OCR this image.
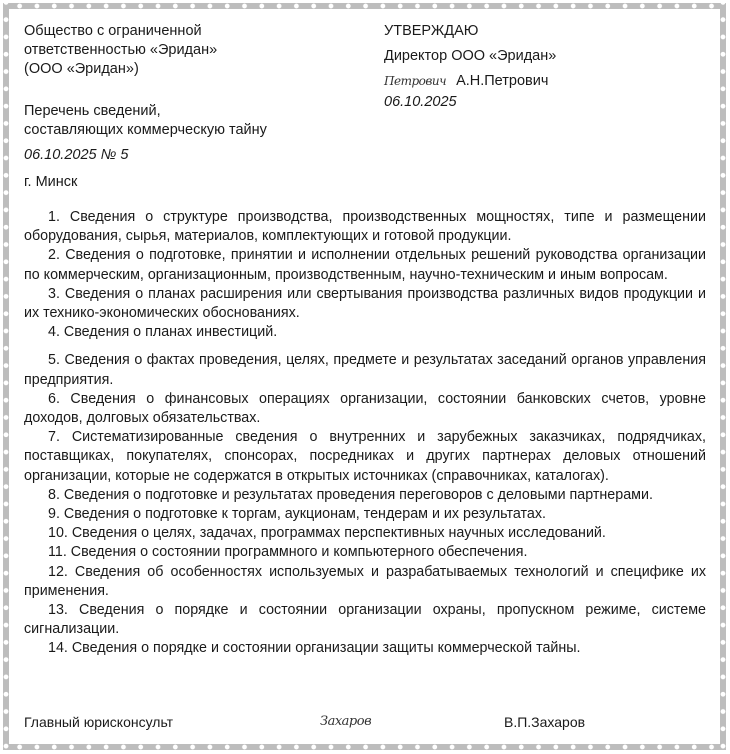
Общество с ограниченной
ответственностью «Эридан»
(ООО «Эридан»)
Перечень сведений,
составляющих коммерческую тайну
06.10.2025 № 5
г. Минск
УТВЕРЖДАЮ
Директор ООО «Эридан»
Петрович А.Н.Петрович
06.10.2025

1. Сведения о структуре производства, производственных мощностях, типе и размещении оборудования, сырья, материалов, комплектующих и готовой продукции.

2. Сведения о подготовке, принятии и исполнении отдельных решений руководства организации по коммерческим, организационным, производственным, научно-техническим и иным вопросам.

3. Сведения о планах расширения или свертывания производства различных видов продукции и их технико-экономических обоснованиях.

4. Сведения о планах инвестиций.

5. Сведения о фактах проведения, целях, предмете и результатах заседаний органов управления предприятия.

6. Сведения о финансовых операциях организации, состоянии банковских счетов, уровне доходов, долговых обязательствах.

7. Систематизированные сведения о внутренних и зарубежных заказчиках, подрядчиках, поставщиках, покупателях, спонсорах, посредниках и других партнерах деловых отношений организации, которые не содержатся в открытых источниках (справочниках, каталогах).

8. Сведения о подготовке и результатах проведения переговоров с деловыми партнерами.

9. Сведения о подготовке к торгам, аукционам, тендерам и их результатах.

10. Сведения о целях, задачах, программах перспективных научных исследований.

11. Сведения о состоянии программного и компьютерного обеспечения.

12. Сведения об особенностях используемых и разрабатываемых технологий и специфике их применения.

13. Сведения о порядке и состоянии организации охраны, пропускном режиме, системе сигнализации.

14. Сведения о порядке и состоянии организации защиты коммерческой тайны.

Главный юрисконсульт	Захаров	В.П.Захаров
